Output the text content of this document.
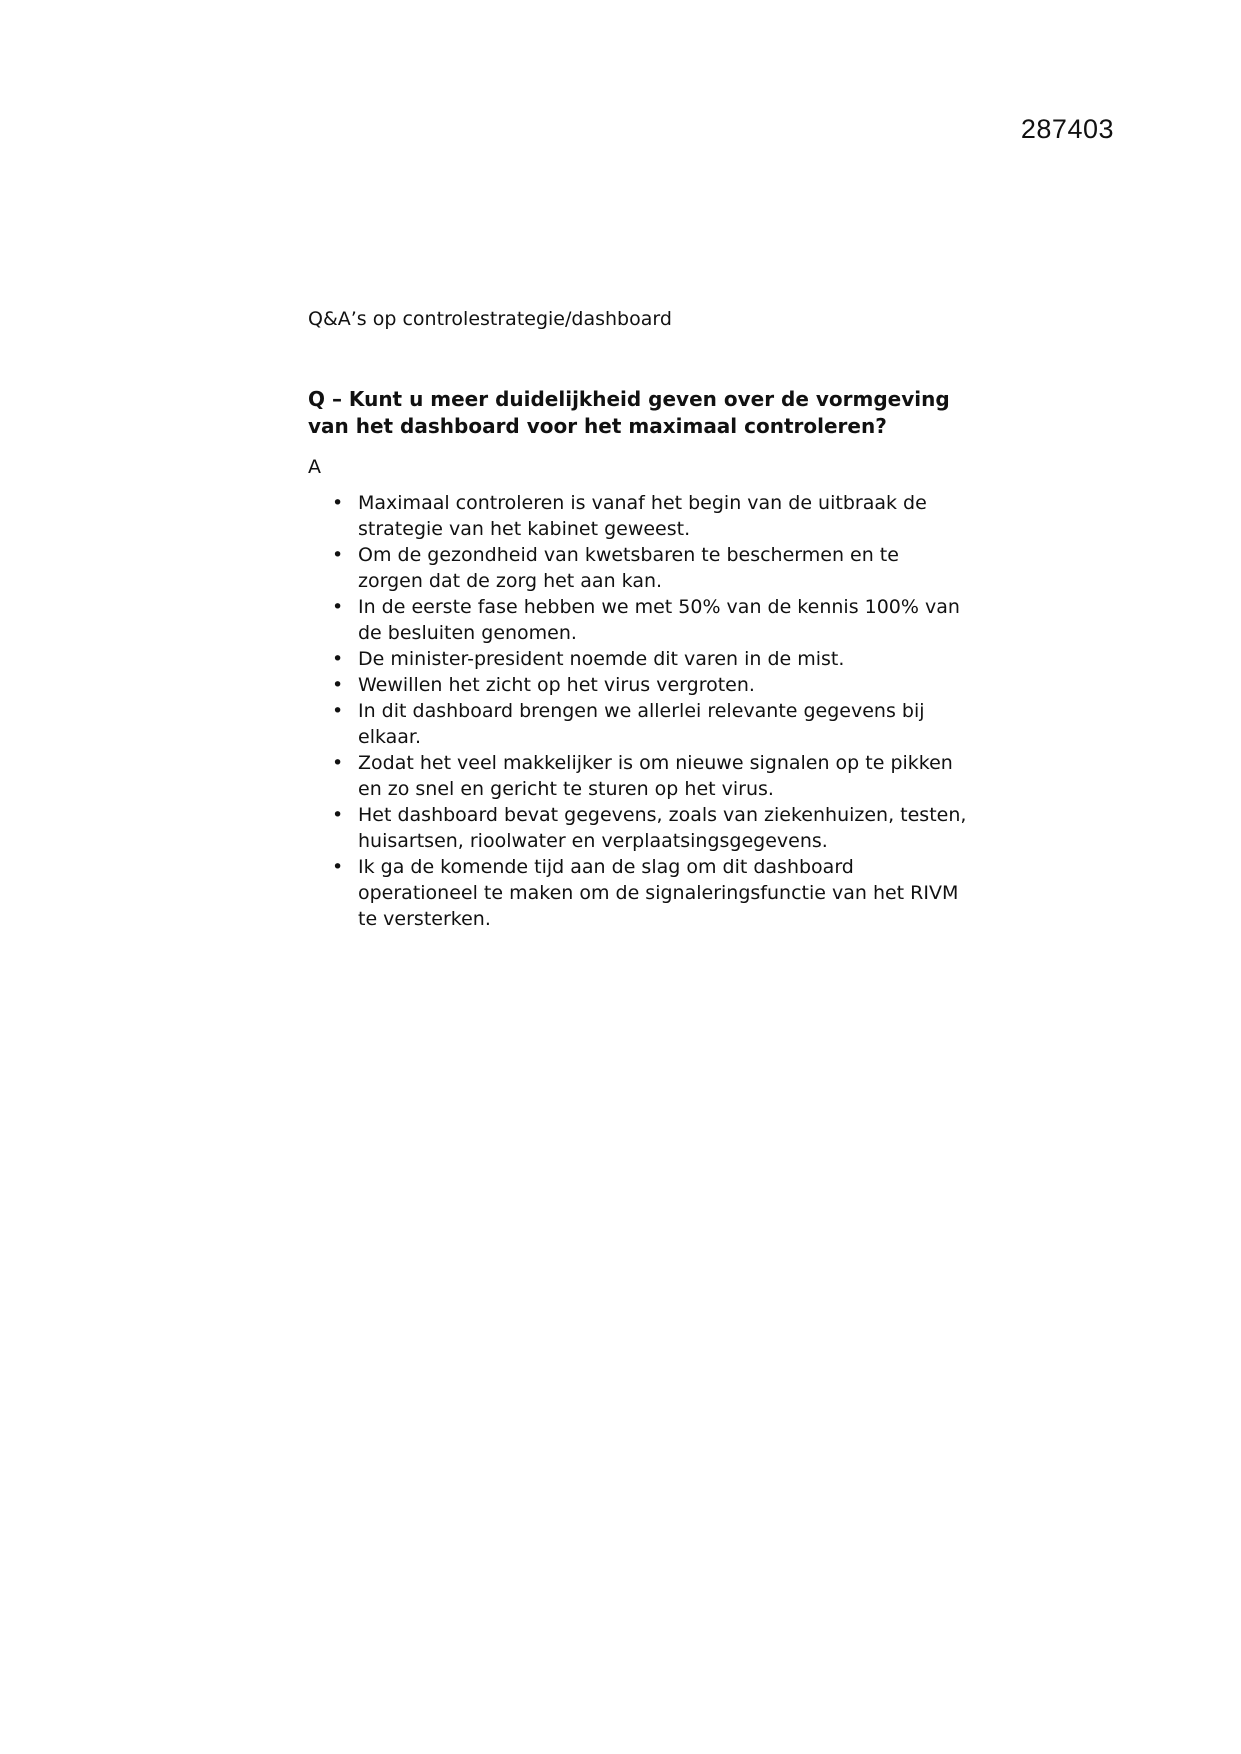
287403

Q&A’s op controlestrategie/dashboard

Q – Kunt u meer duidelijkheid geven over de vormgeving van het dashboard voor het maximaal controleren?

A

• Maximaal controleren is vanaf het begin van de uitbraak de strategie van het kabinet geweest.
• Om de gezondheid van kwetsbaren te beschermen en te zorgen dat de zorg het aan kan.
• In de eerste fase hebben we met 50% van de kennis 100% van de besluiten genomen.
• De minister-president noemde dit varen in de mist.
• Wewillen het zicht op het virus vergroten.
• In dit dashboard brengen we allerlei relevante gegevens bij elkaar.
• Zodat het veel makkelijker is om nieuwe signalen op te pikken en zo snel en gericht te sturen op het virus.
• Het dashboard bevat gegevens, zoals van ziekenhuizen, testen, huisartsen, rioolwater en verplaatsingsgegevens.
• Ik ga de komende tijd aan de slag om dit dashboard operationeel te maken om de signaleringsfunctie van het RIVM te versterken.
